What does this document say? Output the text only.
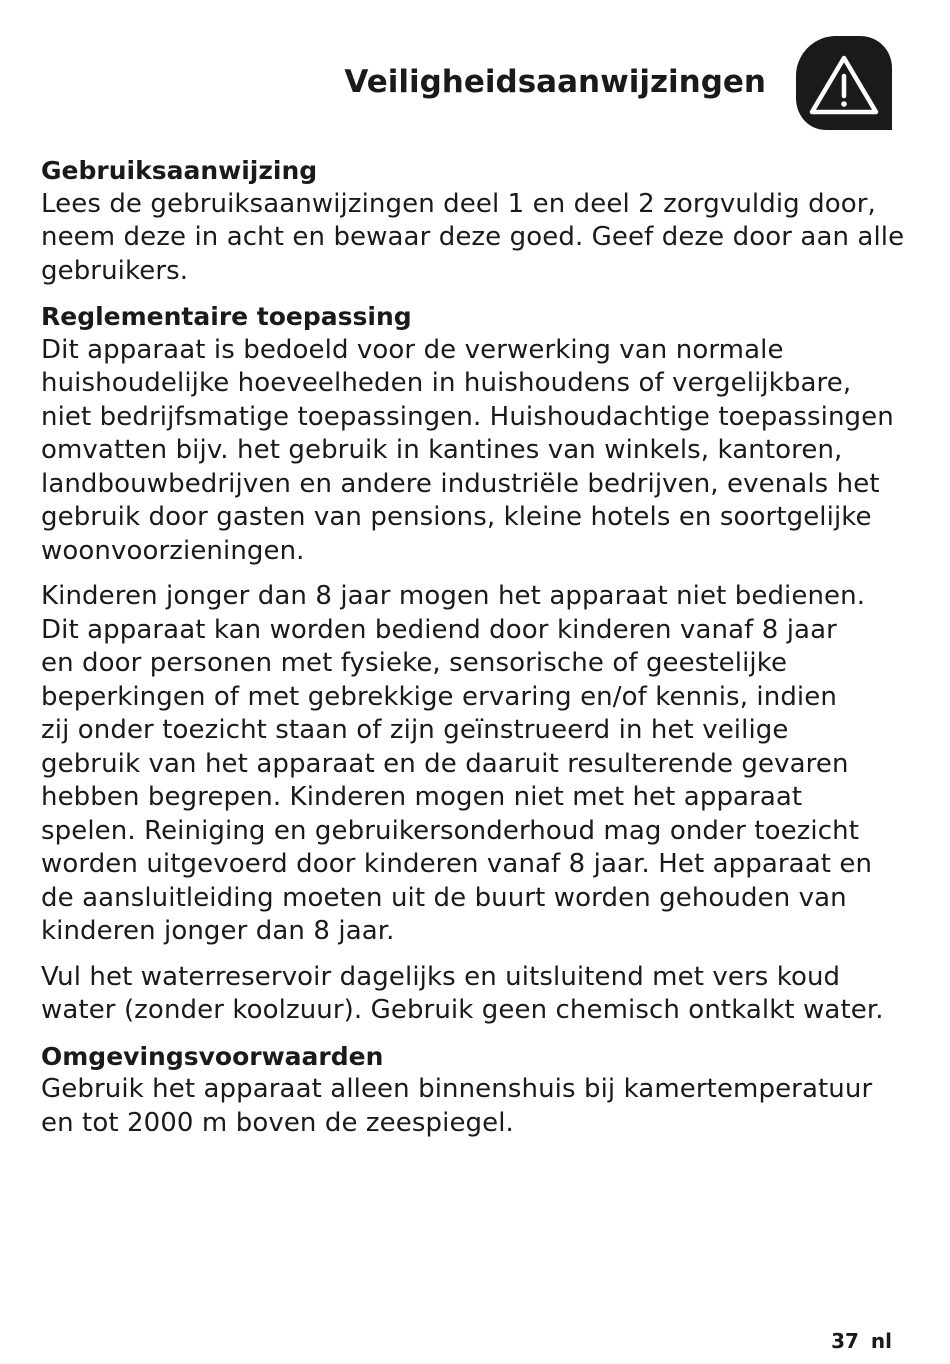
Veiligheidsaanwijzingen
Gebruiksaanwijzing
Lees de gebruiksaanwijzingen deel 1 en deel 2 zorgvuldig door,
neem deze in acht en bewaar deze goed. Geef deze door aan alle
gebruikers.
Reglementaire toepassing
Dit apparaat is bedoeld voor de verwerking van normale
huishoudelijke hoeveelheden in huishoudens of vergelijkbare,
niet bedrijfsmatige toepassingen. Huishoudachtige toepassingen
omvatten bijv. het gebruik in kantines van winkels, kantoren,
landbouwbedrijven en andere industriële bedrijven, evenals het
gebruik door gasten van pensions, kleine hotels en soortgelijke
woonvoorzieningen.
Kinderen jonger dan 8 jaar mogen het apparaat niet bedienen.
Dit apparaat kan worden bediend door kinderen vanaf 8 jaar
en door personen met fysieke, sensorische of geestelijke
beperkingen of met gebrekkige ervaring en/of kennis, indien
zij onder toezicht staan of zijn geïnstrueerd in het veilige
gebruik van het apparaat en de daaruit resulterende gevaren
hebben begrepen. Kinderen mogen niet met het apparaat
spelen. Reiniging en gebruikersonderhoud mag onder toezicht
worden uitgevoerd door kinderen vanaf 8 jaar. Het apparaat en
de aansluitleiding moeten uit de buurt worden gehouden van
kinderen jonger dan 8 jaar.
Vul het waterreservoir dagelijks en uitsluitend met vers koud
water (zonder koolzuur). Gebruik geen chemisch ontkalkt water.
Omgevingsvoorwaarden
Gebruik het apparaat alleen binnenshuis bij kamertemperatuur
en tot 2000 m boven de zeespiegel.
37 nl
